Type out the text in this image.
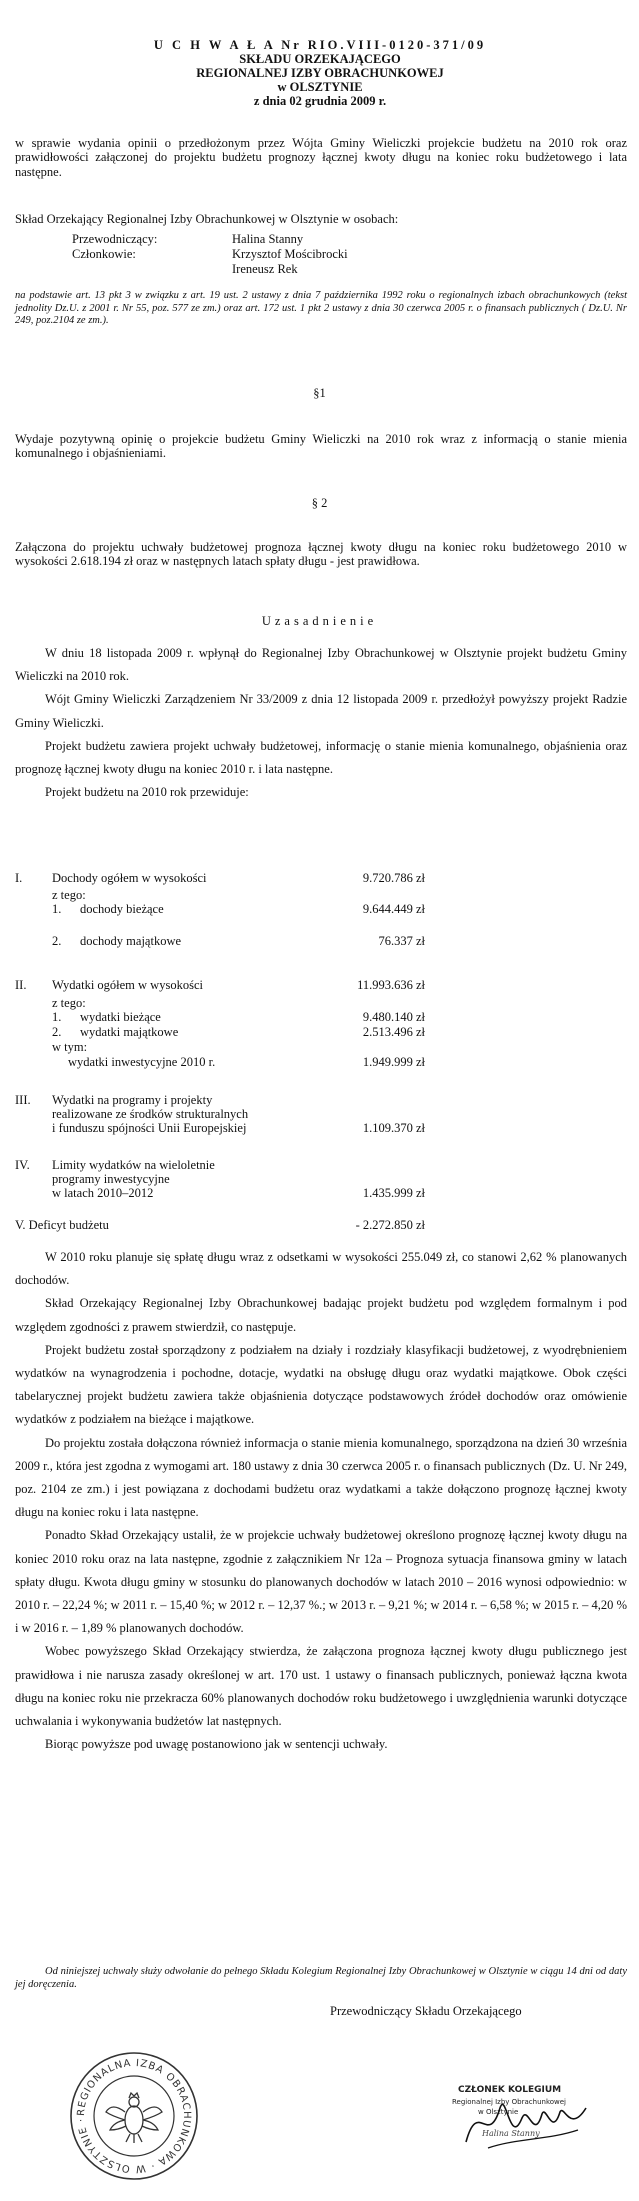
U C H W A Ł A Nr RIO.VIII-0120-371/09
SKŁADU ORZEKAJĄCEGO
REGIONALNEJ IZBY OBRACHUNKOWEJ
w OLSZTYNIE
z dnia 02 grudnia 2009 r.
w sprawie wydania opinii o przedłożonym przez Wójta Gminy Wieliczki projekcie budżetu na 2010 rok oraz prawidłowości załączonej do projektu budżetu prognozy łącznej kwoty długu na koniec roku budżetowego i lata następne.
Skład Orzekający Regionalnej Izby Obrachunkowej w Olsztynie w osobach:
Przewodniczący:	Halina Stanny
Członkowie:	Krzysztof Mościbrocki
Ireneusz Rek
na podstawie art. 13 pkt 3 w związku z art. 19 ust. 2 ustawy z dnia 7 października 1992 roku o regionalnych izbach obrachunkowych (tekst jednolity Dz.U. z 2001 r. Nr 55, poz. 577 ze zm.) oraz art. 172 ust. 1 pkt 2 ustawy z dnia 30 czerwca 2005 r. o finansach publicznych ( Dz.U. Nr 249, poz.2104 ze zm.).
§1
Wydaje pozytywną opinię o projekcie budżetu Gminy Wieliczki na 2010 rok wraz z informacją o stanie mienia komunalnego i objaśnieniami.
§ 2
Załączona do projektu uchwały budżetowej prognoza łącznej kwoty długu na koniec roku budżetowego 2010 w wysokości 2.618.194 zł oraz w następnych latach spłaty długu - jest prawidłowa.
Uzasadnienie
W dniu 18 listopada 2009 r. wpłynął do Regionalnej Izby Obrachunkowej w Olsztynie projekt budżetu Gminy Wieliczki na 2010 rok.
Wójt Gminy Wieliczki Zarządzeniem Nr 33/2009 z dnia 12 listopada 2009 r. przedłożył powyższy projekt Radzie Gminy Wieliczki.
Projekt budżetu zawiera projekt uchwały budżetowej, informację o stanie mienia komunalnego, objaśnienia oraz prognozę łącznej kwoty długu na koniec 2010 r. i lata następne.
Projekt budżetu na 2010 rok przewiduje:
I. Dochody ogółem w wysokości	9.720.786 zł
z tego:
1. dochody bieżące	9.644.449 zł
2. dochody majątkowe	76.337 zł
II. Wydatki ogółem w wysokości	11.993.636 zł
z tego:
1. wydatki bieżące	9.480.140 zł
2. wydatki majątkowe	2.513.496 zł
w tym:
wydatki inwestycyjne 2010 r.	1.949.999 zł
III. Wydatki na programy i projekty
realizowane ze środków strukturalnych
i funduszu spójności Unii Europejskiej	1.109.370 zł
IV. Limity wydatków na wieloletnie
programy inwestycyjne
w latach 2010–2012	1.435.999 zł
V. Deficyt budżetu	- 2.272.850 zł
W 2010 roku planuje się spłatę długu wraz z odsetkami w wysokości 255.049 zł, co stanowi 2,62 % planowanych dochodów.
Skład Orzekający Regionalnej Izby Obrachunkowej badając projekt budżetu pod względem formalnym i pod względem zgodności z prawem stwierdził, co następuje.
Projekt budżetu został sporządzony z podziałem na działy i rozdziały klasyfikacji budżetowej, z wyodrębnieniem wydatków na wynagrodzenia i pochodne, dotacje, wydatki na obsługę długu oraz wydatki majątkowe. Obok części tabelarycznej projekt budżetu zawiera także objaśnienia dotyczące podstawowych źródeł dochodów oraz omówienie wydatków z podziałem na bieżące i majątkowe.
Do projektu została dołączona również informacja o stanie mienia komunalnego, sporządzona na dzień 30 września 2009 r., która jest zgodna z wymogami art. 180 ustawy z dnia 30 czerwca 2005 r. o finansach publicznych (Dz. U. Nr 249, poz. 2104 ze zm.) i jest powiązana z dochodami budżetu oraz wydatkami a także dołączono prognozę łącznej kwoty długu na koniec roku i lata następne.
Ponadto Skład Orzekający ustalił, że w projekcie uchwały budżetowej określono prognozę łącznej kwoty długu na koniec 2010 roku oraz na lata następne, zgodnie z załącznikiem Nr 12a – Prognoza sytuacja finansowa gminy w latach spłaty długu. Kwota długu gminy w stosunku do planowanych dochodów w latach 2010 – 2016 wynosi odpowiednio: w 2010 r. – 22,24 %; w 2011 r. – 15,40 %; w 2012 r. – 12,37 %.; w 2013 r. – 9,21 %; w 2014 r. – 6,58 %; w 2015 r. – 4,20 % i w 2016 r. – 1,89 % planowanych dochodów.
Wobec powyższego Skład Orzekający stwierdza, że załączona prognoza łącznej kwoty długu publicznego jest prawidłowa i nie narusza zasady określonej w art. 170 ust. 1 ustawy o finansach publicznych, ponieważ łączna kwota długu na koniec roku nie przekracza 60% planowanych dochodów roku budżetowego i uwzględnienia warunki dotyczące uchwalania i wykonywania budżetów lat następnych.
Biorąc powyższe pod uwagę postanowiono jak w sentencji uchwały.
Od niniejszej uchwały służy odwołanie do pełnego Składu Kolegium Regionalnej Izby Obrachunkowej w Olsztynie w ciągu 14 dni od daty jej doręczenia.
Przewodniczący Składu Orzekającego
REGIONALNA IZBA OBRACHUNKOWA · W OLSZTYNIE ·
CZŁONEK KOLEGIUM
Regionalnej Izby Obrachunkowej
w Olsztynie
Halina Stanny
